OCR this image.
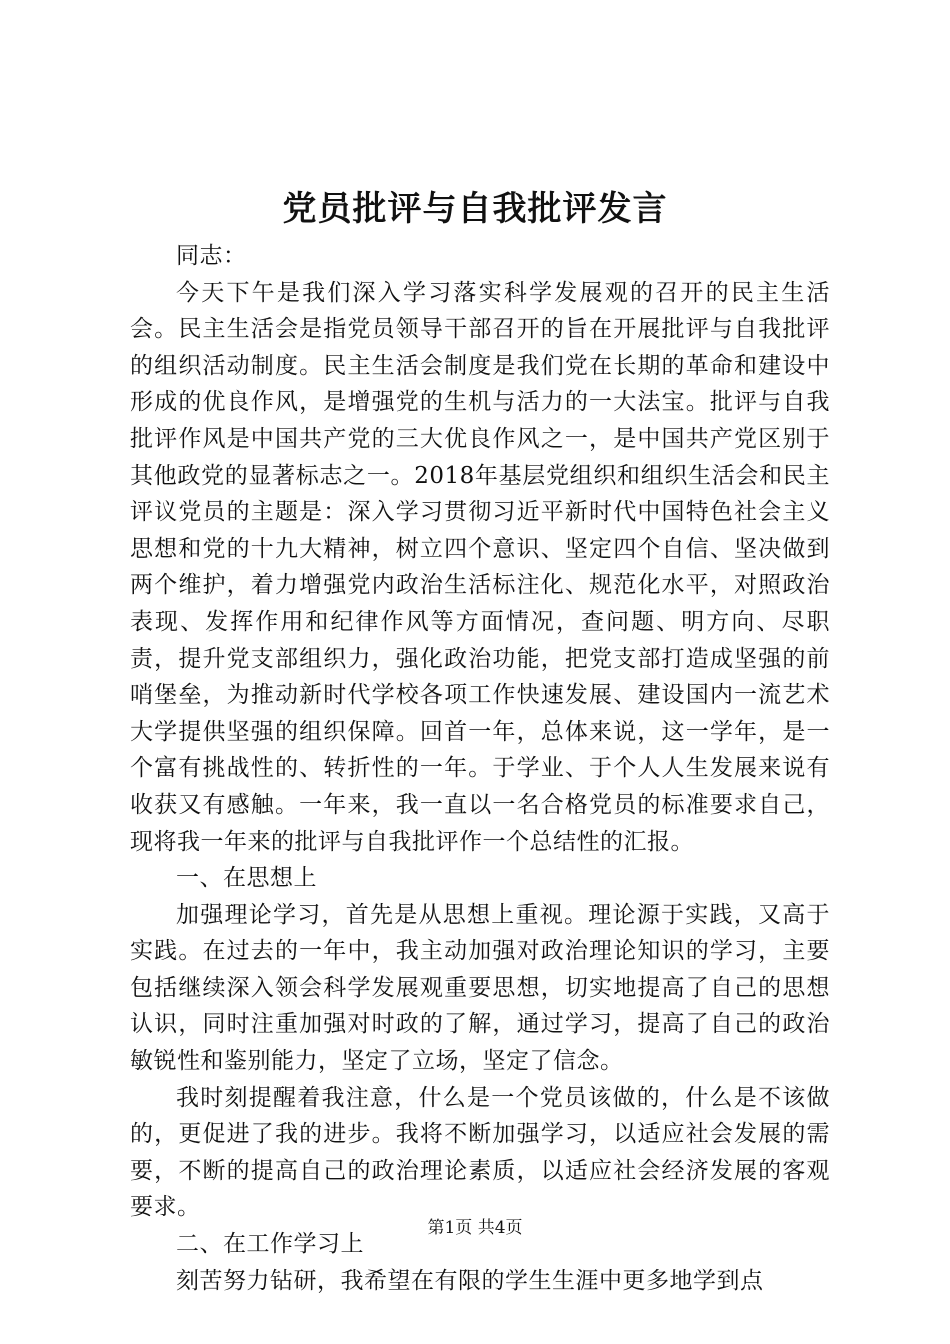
党员批评与自我批评发言

同志：

今天下午是我们深入学习落实科学发展观的召开的民主生活会。民主生活会是指党员领导干部召开的旨在开展批评与自我批评的组织活动制度。民主生活会制度是我们党在长期的革命和建设中形成的优良作风，是增强党的生机与活力的一大法宝。批评与自我批评作风是中国共产党的三大优良作风之一，是中国共产党区别于其他政党的显著标志之一。2018年基层党组织和组织生活会和民主评议党员的主题是：深入学习贯彻习近平新时代中国特色社会主义思想和党的十九大精神，树立四个意识、坚定四个自信、坚决做到两个维护，着力增强党内政治生活标注化、规范化水平，对照政治表现、发挥作用和纪律作风等方面情况，查问题、明方向、尽职责，提升党支部组织力，强化政治功能，把党支部打造成坚强的前哨堡垒，为推动新时代学校各项工作快速发展、建设国内一流艺术大学提供坚强的组织保障。回首一年，总体来说，这一学年，是一个富有挑战性的、转折性的一年。于学业、于个人人生发展来说有收获又有感触。一年来，我一直以一名合格党员的标准要求自己，现将我一年来的批评与自我批评作一个总结性的汇报。

一、在思想上

加强理论学习，首先是从思想上重视。理论源于实践，又高于实践。在过去的一年中，我主动加强对政治理论知识的学习，主要包括继续深入领会科学发展观重要思想，切实地提高了自己的思想认识，同时注重加强对时政的了解，通过学习，提高了自己的政治敏锐性和鉴别能力，坚定了立场，坚定了信念。

我时刻提醒着我注意，什么是一个党员该做的，什么是不该做的，更促进了我的进步。我将不断加强学习，以适应社会发展的需要，不断的提高自己的政治理论素质，以适应社会经济发展的客观要求。

二、在工作学习上

刻苦努力钻研，我希望在有限的学生生涯中更多地学到点

第1页 共4页
